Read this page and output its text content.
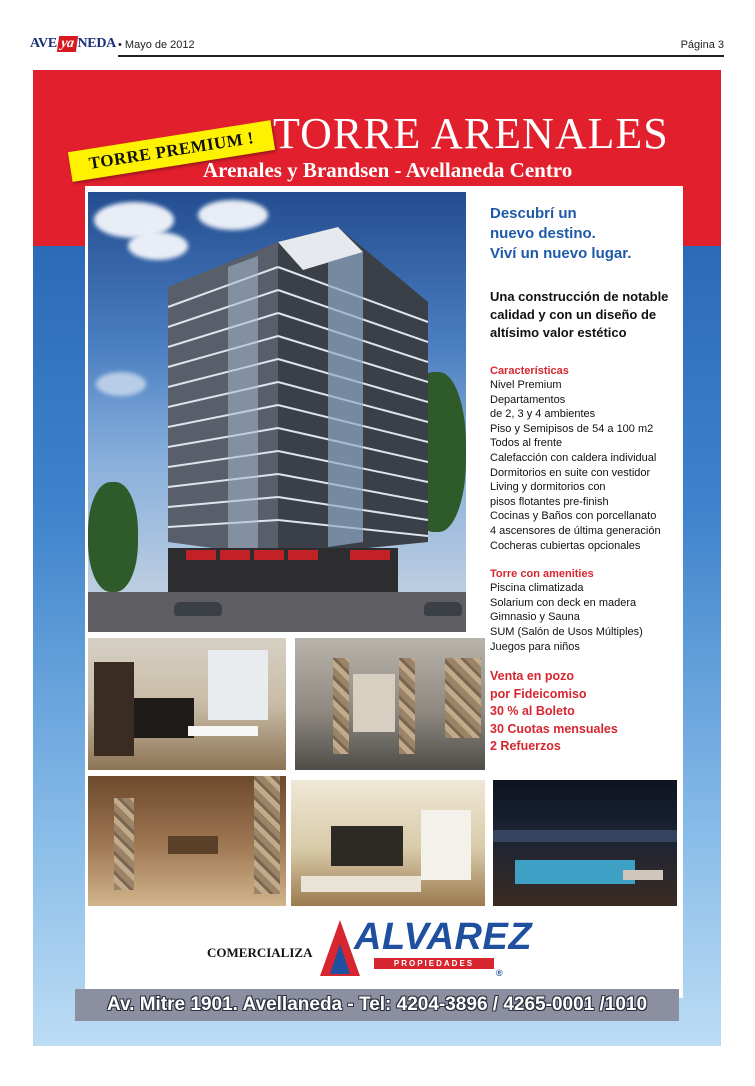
AVE ya NEDA • Mayo de 2012	Página 3
TORRE PREMIUM ! TORRE ARENALES
Arenales y Brandsen - Avellaneda Centro
Descubrí un
nuevo destino.
Viví un nuevo lugar.
Una construcción de notable
calidad y con un diseño de
altísimo valor estético
Características
Nivel Premium
Departamentos
de 2, 3 y 4 ambientes
Piso y Semipisos de 54 a 100 m2
Todos al frente
Calefacción con caldera individual
Dormitorios en suite con vestidor
Living y dormitorios con
pisos flotantes pre-finish
Cocinas y Baños con porcellanato
4 ascensores de última generación
Cocheras cubiertas opcionales
Torre con amenities
Piscina climatizada
Solarium con deck en madera
Gimnasio y Sauna
SUM (Salón de Usos Múltiples)
Juegos para niños
Venta en pozo
por Fideicomiso
30 % al Boleto
30 Cuotas mensuales
2 Refuerzos
COMERCIALIZA ALVAREZ
PROPIEDADES
®
Av. Mitre 1901. Avellaneda - Tel: 4204-3896 / 4265-0001 /1010
